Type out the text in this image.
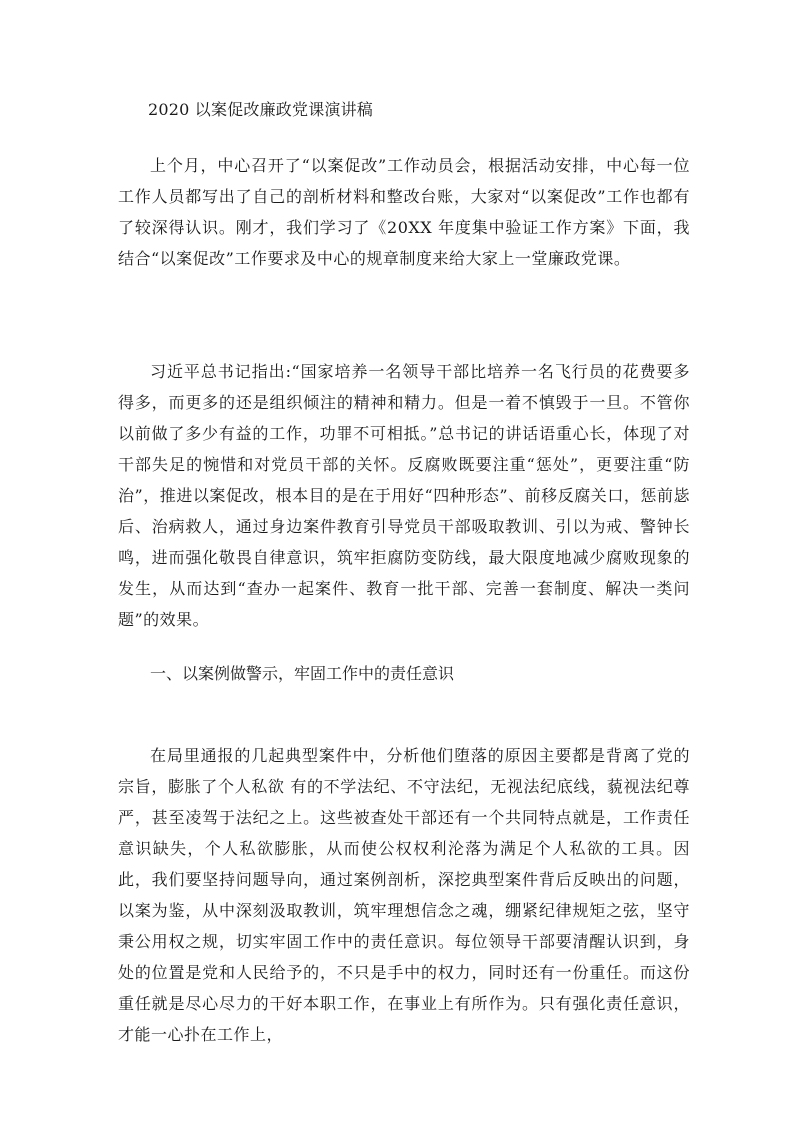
2020 以案促改廉政党课演讲稿

上个月，中心召开了“以案促改”工作动员会，根据活动安排，中心每一位工作人员都写出了自己的剖析材料和整改台账，大家对“以案促改”工作也都有了较深得认识。刚才，我们学习了《20XX 年度集中验证工作方案》下面，我结合“以案促改”工作要求及中心的规章制度来给大家上一堂廉政党课。

习近平总书记指出:“国家培养一名领导干部比培养一名飞行员的花费要多得多，而更多的还是组织倾注的精神和精力。但是一着不慎毁于一旦。不管你以前做了多少有益的工作，功罪不可相抵。”总书记的讲话语重心长，体现了对干部失足的惋惜和对党员干部的关怀。反腐败既要注重“惩处”，更要注重“防治”，推进以案促改，根本目的是在于用好“四种形态”、前移反腐关口，惩前毖后、治病救人，通过身边案件教育引导党员干部吸取教训、引以为戒、警钟长鸣，进而强化敬畏自律意识，筑牢拒腐防变防线，最大限度地减少腐败现象的发生，从而达到“查办一起案件、教育一批干部、完善一套制度、解决一类问题”的效果。

一、以案例做警示，牢固工作中的责任意识

在局里通报的几起典型案件中，分析他们堕落的原因主要都是背离了党的宗旨，膨胀了个人私欲 有的不学法纪、不守法纪，无视法纪底线，藐视法纪尊严，甚至凌驾于法纪之上。这些被查处干部还有一个共同特点就是，工作责任意识缺失，个人私欲膨胀，从而使公权权利沦落为满足个人私欲的工具。因此，我们要坚持问题导向，通过案例剖析，深挖典型案件背后反映出的问题，以案为鉴，从中深刻汲取教训，筑牢理想信念之魂，绷紧纪律规矩之弦，坚守秉公用权之规，切实牢固工作中的责任意识。每位领导干部要清醒认识到，身处的位置是党和人民给予的，不只是手中的权力，同时还有一份重任。而这份重任就是尽心尽力的干好本职工作，在事业上有所作为。只有强化责任意识，才能一心扑在工作上，
